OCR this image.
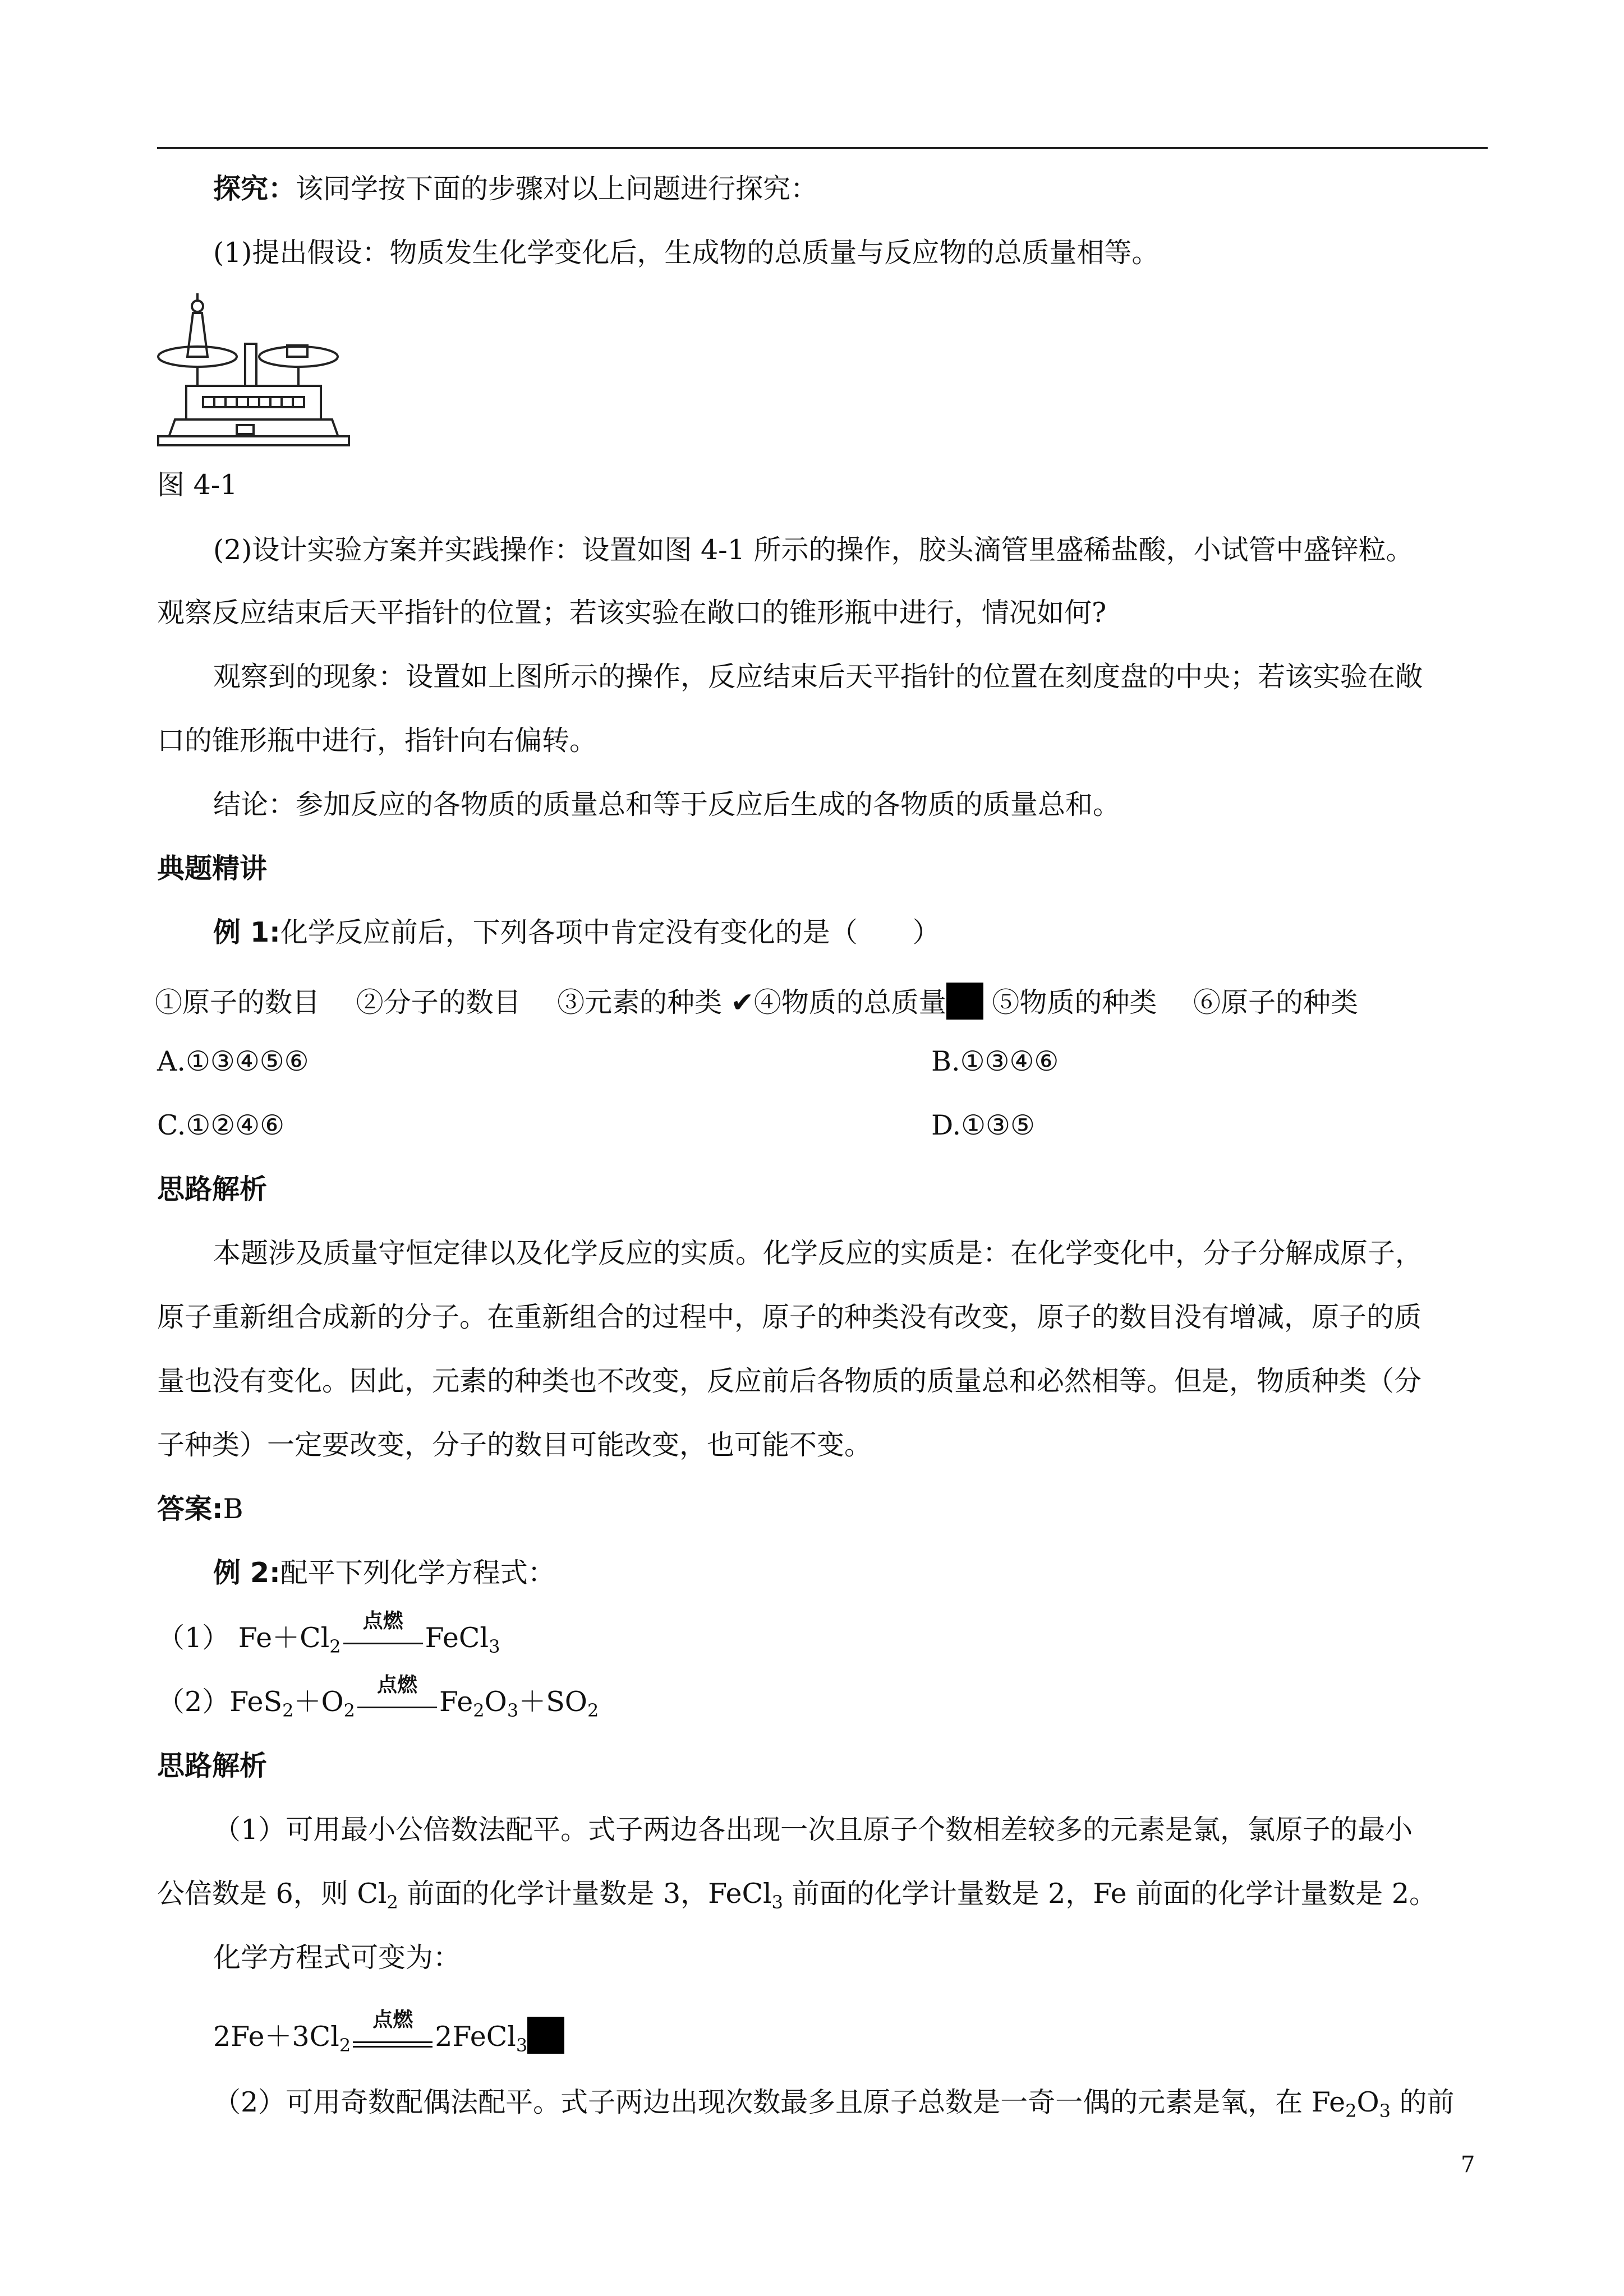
探究：该同学按下面的步骤对以上问题进行探究：
(1)提出假设：物质发生化学变化后，生成物的总质量与反应物的总质量相等。
图 4-1
(2)设计实验方案并实践操作：设置如图 4-1 所示的操作，胶头滴管里盛稀盐酸，小试管中盛锌粒。
观察反应结束后天平指针的位置；若该实验在敞口的锥形瓶中进行，情况如何?
观察到的现象：设置如上图所示的操作，反应结束后天平指针的位置在刻度盘的中央；若该实验在敞
口的锥形瓶中进行，指针向右偏转。
结论：参加反应的各物质的质量总和等于反应后生成的各物质的质量总和。
典题精讲
例 1:化学反应前后，下列各项中肯定没有变化的是（　　）
①原子的数目　 ②分子的数目　 ③元素的种类 ✔④物质的总质量 ⑤物质的种类　 ⑥原子的种类
A.①③④⑤⑥	B.①③④⑥
C.①②④⑥	D.①③⑤
思路解析
本题涉及质量守恒定律以及化学反应的实质。化学反应的实质是：在化学变化中，分子分解成原子，
原子重新组合成新的分子。在重新组合的过程中，原子的种类没有改变，原子的数目没有增减，原子的质
量也没有变化。因此，元素的种类也不改变，反应前后各物质的质量总和必然相等。但是，物质种类（分
子种类）一定要改变，分子的数目可能改变，也可能不变。
答案:B
例 2:配平下列化学方程式：
（1） $Fe+Cl_2$
点燃
FeCl$_3$
$(2)FeS_2+O_2$
点燃
$Fe_2O_3+SO_2$
思路解析
（1）可用最小公倍数法配平。式子两边各出现一次且原子个数相差较多的元素是氯，氯原子的最小
公倍数是 6，则 $Cl_2$ 前面的化学计量数是 3，FeCl$_3$ 前面的化学计量数是 2，Fe 前面的化学计量数是 2。
化学方程式可变为：
$2Fe+3Cl_2$
点燃
2FeCl$_3$
（2）可用奇数配偶法配平。式子两边出现次数最多且原子总数是一奇一偶的元素是氧，在 $Fe_2O_3$ 的前
7
